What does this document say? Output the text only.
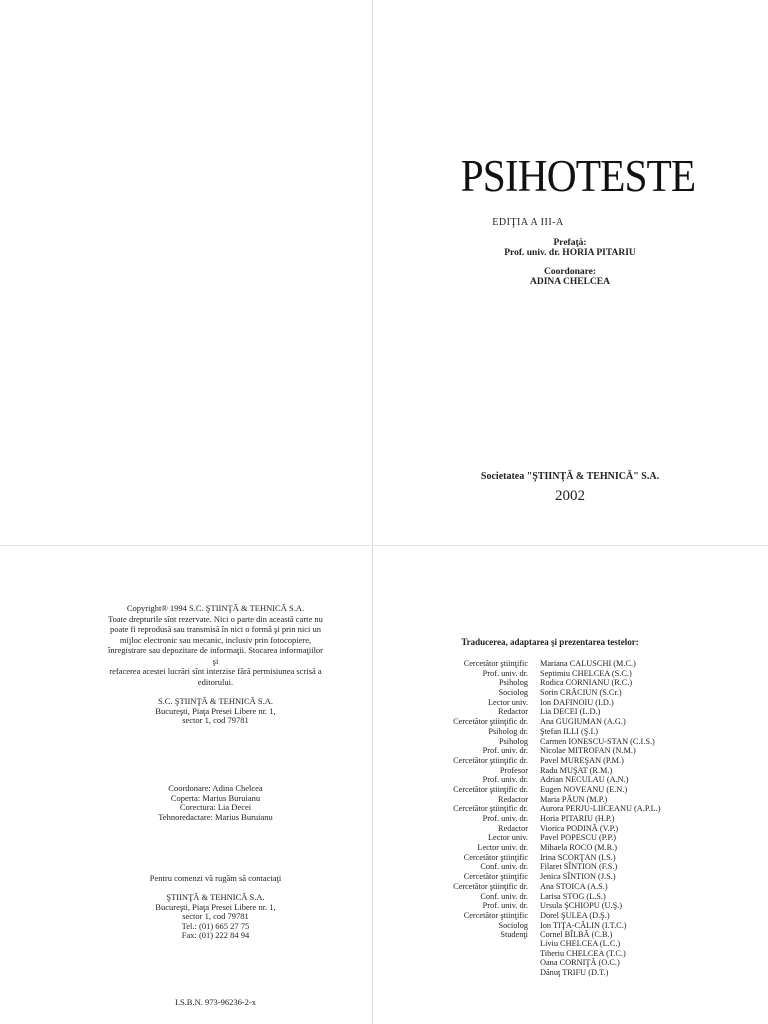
PSIHOTESTE
EDIŢIA A III-A
Prefaţă:
Prof. univ. dr. HORIA PITARIU
Coordonare:
ADINA CHELCEA
Societatea "ŞTIINŢĂ & TEHNICĂ" S.A.
2002
Copyright® 1994 S.C. ŞTIINŢĂ & TEHNICĂ S.A.
Toate drepturile sînt rezervate. Nici o parte din această carte nu
poate fi reprodusă sau transmisă în nici o formă şi prin nici un
mijloc electronic sau mecanic, inclusiv prin fotocopiere,
înregistrare sau depozitare de informaţii. Stocarea informaţiilor şi
refacerea acestei lucrări sînt interzise fără permisiunea scrisă a
editorului.
S.C. ŞTIINŢĂ & TEHNICĂ S.A.
Bucureşti, Piaţa Presei Libere nr. 1,
sector 1, cod 79781
Coordonare: Adina Chelcea
Coperta: Marius Buruianu
Corectura: Lia Decei
Tehnoredactare: Marius Buruianu
Pentru comenzi vă rugăm să contactaţi

ŞTIINŢĂ & TEHNICĂ S.A.
Bucureşti, Piaţa Presei Libere nr. 1,
sector 1, cod 79781
Tel.: (01) 665 27 75
Fax: (01) 222 84 94
I.S.B.N. 973-96236-2-x
Traducerea, adaptarea şi prezentarea testelor:
Cercetător ştiinţific Mariana CALUSCHI (M.C.)
Prof. univ. dr. Septimiu CHELCEA (S.C.)
Psiholog Rodica CORNIANU (R.C.)
Sociolog Sorin CRĂCIUN (S.Cr.)
Lector univ. Ion DAFINOIU (I.D.)
Redactor Lia DECEI (L.D.)
Cercetător ştiinţific dr. Ana GUGIUMAN (A.G.)
Psiholog dr. Ştefan ILLI (Ş.I.)
Psiholog Carmen IONESCU-STAN (C.I.S.)
Prof. univ. dr. Nicolae MITROFAN (N.M.)
Cercetător ştiinţific dr. Pavel MUREŞAN (P.M.)
Profesor Radu MUŞAT (R.M.)
Prof. univ. dr. Adrian NECULAU (A.N.)
Cercetător ştiinţific dr. Eugen NOVEANU (E.N.)
Redactor Maria PĂUN (M.P.)
Cercetător ştiinţific dr. Aurora PERJU-LIICEANU (A.P.L.)
Prof. univ. dr. Horia PITARIU (H.P.)
Redactor Viorica PODINĂ (V.P.)
Lector univ. Pavel POPESCU (P.P.)
Lector univ. dr. Mihaela ROCO (M.R.)
Cercetător ştiinţific Irina SCORŢAN (I.S.)
Conf. univ. dr. Filaret SÎNTION (F.S.)
Cercetător ştiinţific Jenica SÎNTION (J.S.)
Cercetător ştiinţific dr. Ana STOICA (A.S.)
Conf. univ. dr. Larisa STOG (L.S.)
Prof. univ. dr. Ursula ŞCHIOPU (U.Ş.)
Cercetător ştiinţific Dorel ŞULEA (D.Ş.)
Sociolog Ion TIŢA-CĂLIN (I.T.C.)
Studenţi Cornel BÎLBĂ (C.B.)
Liviu CHELCEA (L.C.)
Tiberiu CHELCEA (T.C.)
Oana CORNIŢĂ (O.C.)
Dănuţ TRIFU (D.T.)
